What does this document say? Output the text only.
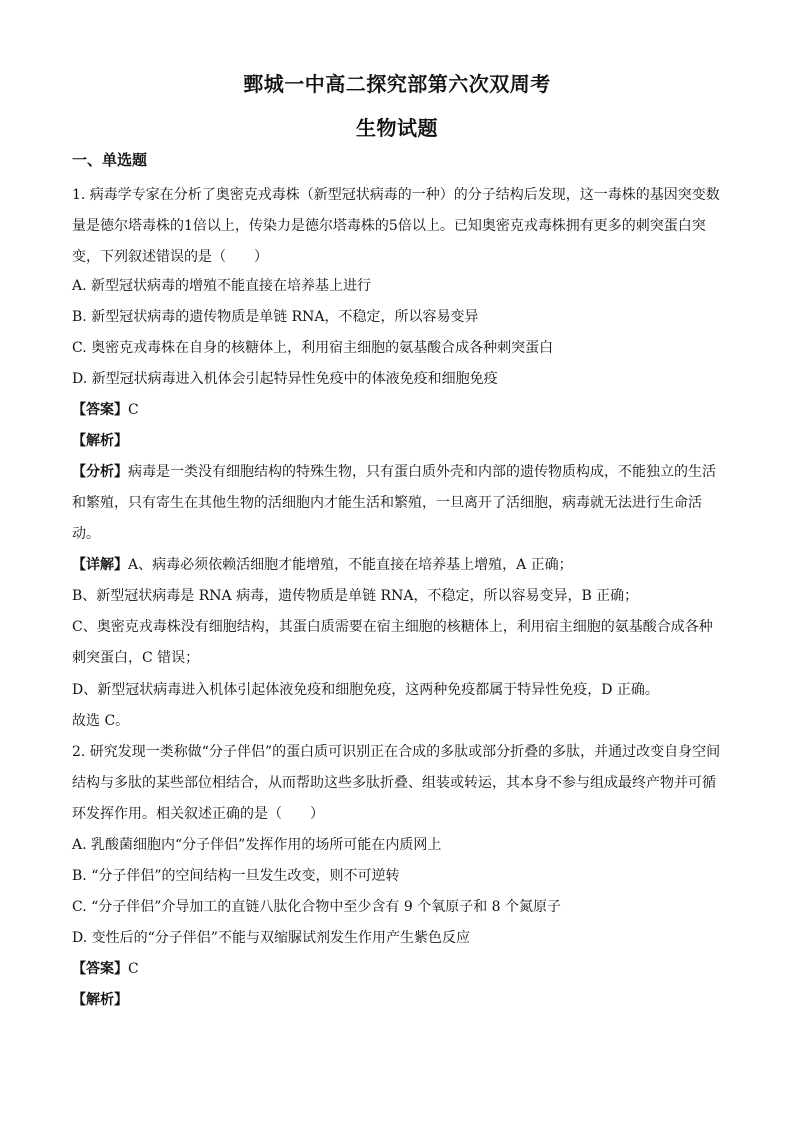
鄄城一中高二探究部第六次双周考
生物试题
一、单选题
1. 病毒学专家在分析了奥密克戎毒株（新型冠状病毒的一种）的分子结构后发现，这一毒株的基因突变数量是德尔塔毒株的1倍以上，传染力是德尔塔毒株的5倍以上。已知奥密克戎毒株拥有更多的刺突蛋白突变，下列叙述错误的是（　　）
A. 新型冠状病毒的增殖不能直接在培养基上进行
B. 新型冠状病毒的遗传物质是单链 RNA，不稳定，所以容易变异
C. 奥密克戎毒株在自身的核糖体上，利用宿主细胞的氨基酸合成各种刺突蛋白
D. 新型冠状病毒进入机体会引起特异性免疫中的体液免疫和细胞免疫
【答案】C
【解析】
【分析】病毒是一类没有细胞结构的特殊生物，只有蛋白质外壳和内部的遗传物质构成，不能独立的生活和繁殖，只有寄生在其他生物的活细胞内才能生活和繁殖，一旦离开了活细胞，病毒就无法进行生命活动。
【详解】A、病毒必须依赖活细胞才能增殖，不能直接在培养基上增殖，A 正确；
B、新型冠状病毒是 RNA 病毒，遗传物质是单链 RNA，不稳定，所以容易变异，B 正确；
C、奥密克戎毒株没有细胞结构，其蛋白质需要在宿主细胞的核糖体上，利用宿主细胞的氨基酸合成各种刺突蛋白，C 错误；
D、新型冠状病毒进入机体引起体液免疫和细胞免疫，这两种免疫都属于特异性免疫，D 正确。
故选 C。
2. 研究发现一类称做“分子伴侣”的蛋白质可识别正在合成的多肽或部分折叠的多肽，并通过改变自身空间结构与多肽的某些部位相结合，从而帮助这些多肽折叠、组装或转运，其本身不参与组成最终产物并可循环发挥作用。相关叙述正确的是（　　）
A. 乳酸菌细胞内“分子伴侣”发挥作用的场所可能在内质网上
B. “分子伴侣”的空间结构一旦发生改变，则不可逆转
C. “分子伴侣”介导加工的直链八肽化合物中至少含有 9 个氧原子和 8 个氮原子
D. 变性后的“分子伴侣”不能与双缩脲试剂发生作用产生紫色反应
【答案】C
【解析】
